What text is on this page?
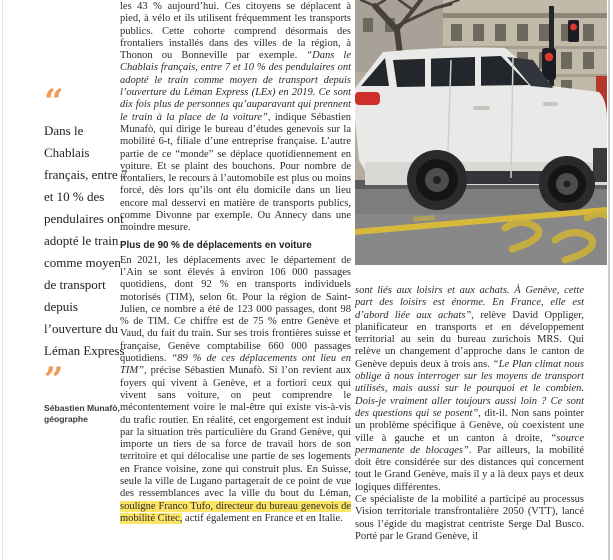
“
Dans le Chablais français, entre 7 et 10 % des pendulaires ont adopté le train comme moyen de transport depuis l’ouverture du Léman Express
”
Sébastien Munafò,
géographe

les 43 % aujourd’hui. Ces citoyens se déplacent à pied, à vélo et ils utilisent fréquemment les transports publics. Cette cohorte comprend désormais des frontaliers installés dans des villes de la région, à Thonon ou Bonneville par exemple. “Dans le Chablais français, entre 7 et 10 % des pendulaires ont adopté le train comme moyen de transport depuis l’ouverture du Léman Express (LEx) en 2019. Ce sont dix fois plus de personnes qu’auparavant qui prennent le train à la place de la voiture”, indique Sébastien Munafò, qui dirige le bureau d’études genevois sur la mobilité 6-t, filiale d’une entreprise française. L’autre partie de ce “monde” se déplace quotidiennement en voiture. Et se plaint des bouchons. Pour nombre de frontaliers, le recours à l’automobile est plus ou moins forcé, dès lors qu’ils ont élu domicile dans un lieu encore mal desservi en matière de transports publics, comme Divonne par exemple. Ou Annecy dans une moindre mesure.

Plus de 90 % de déplacements en voiture

En 2021, les déplacements avec le département de l’Ain se sont élevés à environ 106 000 passages quotidiens, dont 92 % en transports individuels motorisés (TIM), selon 6t. Pour la région de Saint-Julien, ce nombre a été de 123 000 passages, dont 98 % de TIM. Ce chiffre est de 75 % entre Genève et Vaud, du fait du train. Sur ses trois frontières suisse et française, Genève comptabilise 660 000 passages quotidiens. “89 % de ces déplacements ont lieu en TIM”, précise Sébastien Munafò. Si l’on revient aux foyers qui vivent à Genève, et a fortiori ceux qui vivent sans voiture, on peut comprendre le mécontentement voire le mal-être qui existe vis-à-vis du trafic routier. En réalité, cet engorgement est induit par la situation très particulière du Grand Genève, qui importe un tiers de sa force de travail hors de son territoire et qui délocalise une partie de ses logements en France voisine, zone qui construit plus. En Suisse, seule la ville de Lugano partagerait de ce point de vue des ressemblances avec la ville du bout du Léman, souligne Franco Tufo, directeur du bureau genevois de mobilité Citec, actif également en France et en Italie.

sont liés aux loisirs et aux achats. À Genève, cette part des loisirs est énorme. En France, elle est d’abord liée aux achats”, relève David Oppliger, planificateur en transports et en développement territorial au sein du bureau zurichois MRS. Qui relève un changement d’approche dans le canton de Genève depuis deux à trois ans. “Le Plan climat nous oblige à nous interroger sur les moyens de transport utilisés, mais aussi sur le pourquoi et le combien. Dois-je vraiment aller toujours aussi loin ? Ce sont des questions qui se posent”, dit-il. Non sans pointer un problème spécifique à Genève, où coexistent une ville à gauche et un canton à droite, “source permanente de blocages”. Par ailleurs, la mobilité doit être considérée sur des distances qui concernent tout le Grand Genève, mais il y a là deux pays et deux logiques différentes.

Ce spécialiste de la mobilité a participé au processus Vision territoriale transfrontalière 2050 (VTT), lancé sous l’égide du magistrat centriste Serge Dal Busco. Porté par le Grand Genève, il
